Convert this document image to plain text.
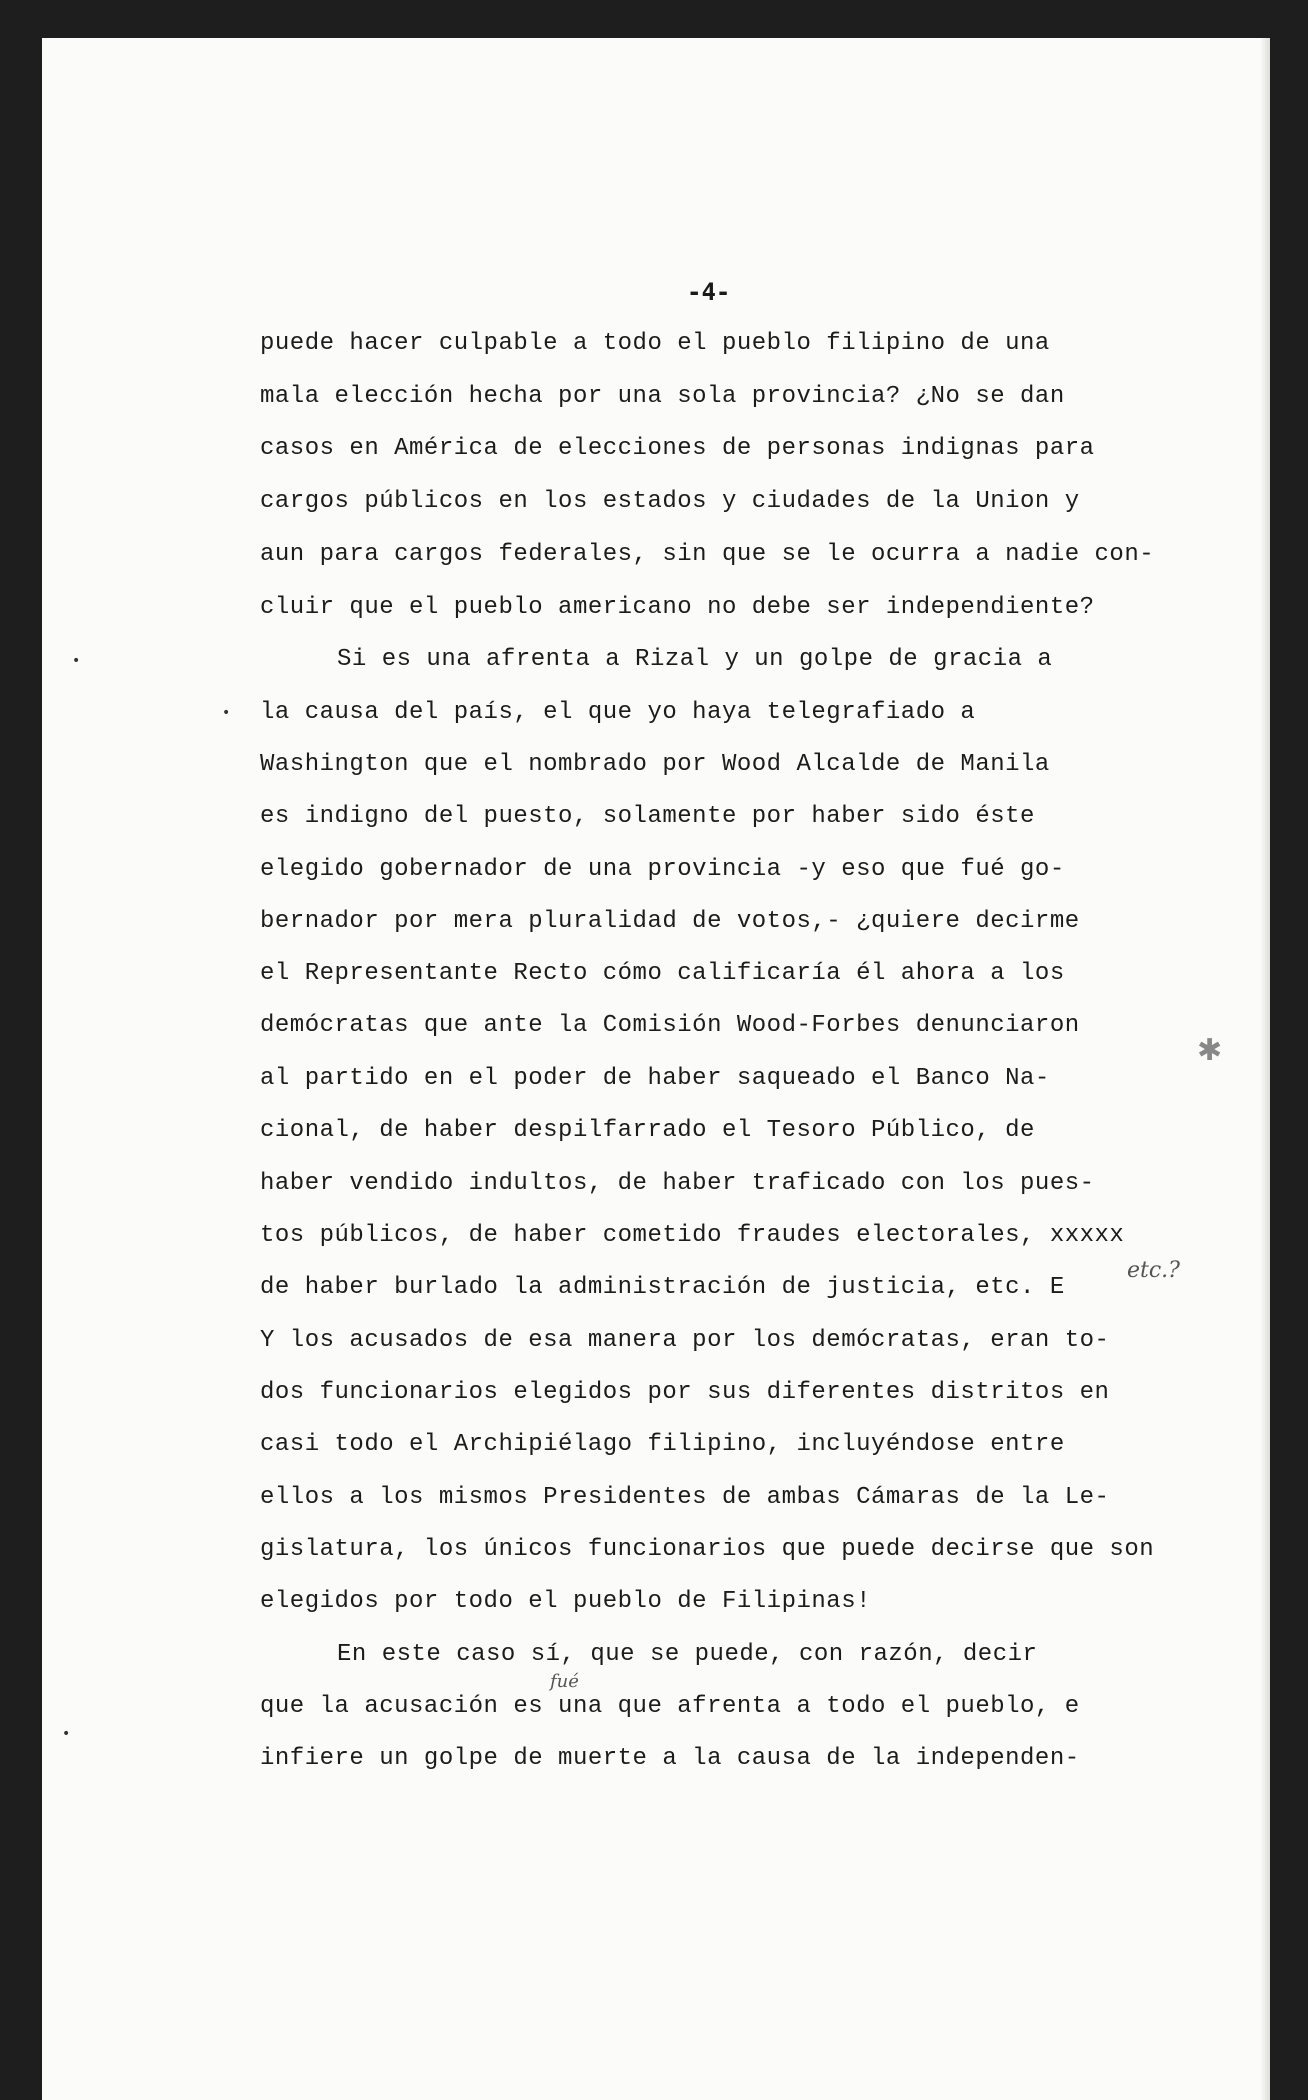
-4-
puede hacer culpable a todo el pueblo filipino de una
mala elección hecha por una sola provincia? ¿No se dan
casos en América de elecciones de personas indignas para
cargos públicos en los estados y ciudades de la Union y
aun para cargos federales, sin que se le ocurra a nadie con-
cluir que el pueblo americano no debe ser independiente?
Si es una afrenta a Rizal y un golpe de gracia a
la causa del país, el que yo haya telegrafiado a
Washington que el nombrado por Wood Alcalde de Manila
es indigno del puesto, solamente por haber sido éste
elegido gobernador de una provincia -y eso que fué go-
bernador por mera pluralidad de votos,- ¿quiere decirme
el Representante Recto cómo calificaría él ahora a los
demócratas que ante la Comisión Wood-Forbes denunciaron
al partido en el poder de haber saqueado el Banco Na-
cional, de haber despilfarrado el Tesoro Público, de
haber vendido indultos, de haber traficado con los pues-
tos públicos, de haber cometido fraudes electorales, xxxxx
de haber burlado la administración de justicia, etc. E
Y los acusados de esa manera por los demócratas, eran to-
dos funcionarios elegidos por sus diferentes distritos en
casi todo el Archipiélago filipino, incluyéndose entre
ellos a los mismos Presidentes de ambas Cámaras de la Le-
gislatura, los únicos funcionarios que puede decirse que son
elegidos por todo el pueblo de Filipinas!
En este caso sí, que se puede, con razón, decir
que la acusación es una que afrenta a todo el pueblo, e
infiere un golpe de muerte a la causa de la independen-
etc.?
fué
•
•
✱
•
